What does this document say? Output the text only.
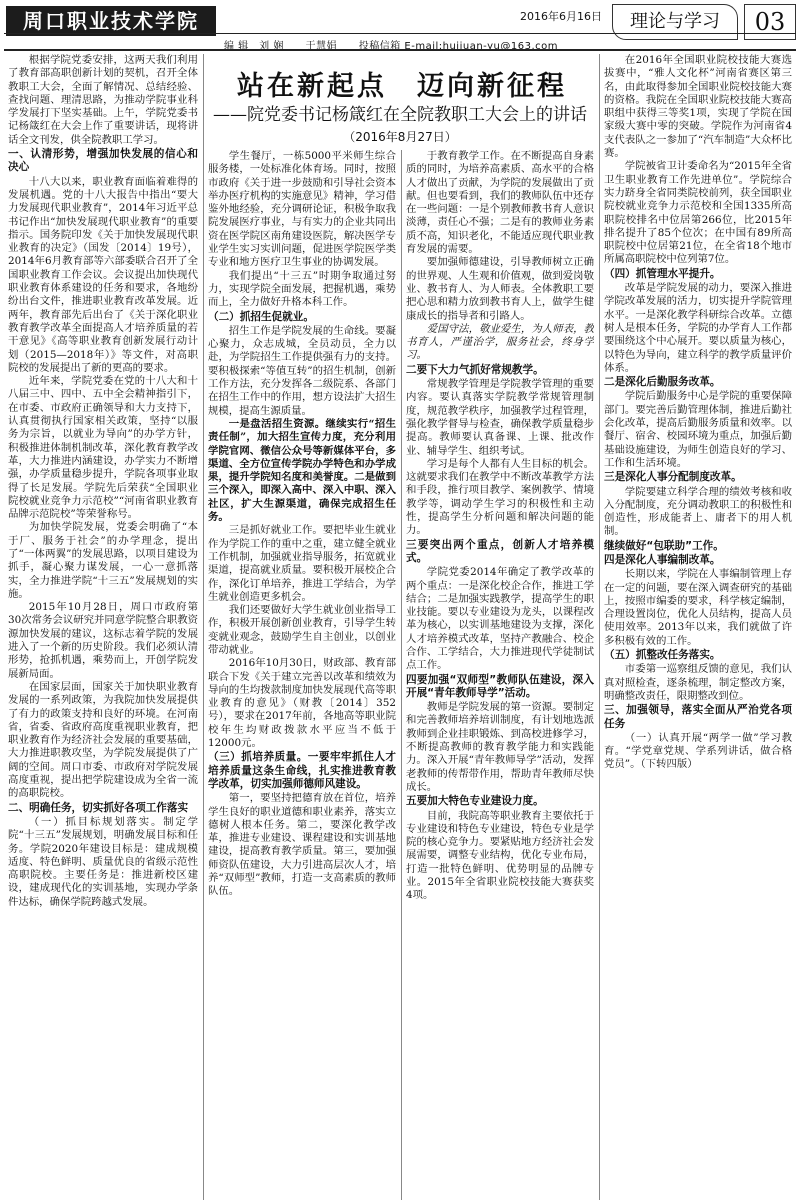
周口职业技术学院	2016年6月16日	理论与学习	03
编 辑　刘 娴 于慧娟 投稿信箱 E-mail:huijuan-yu@163.com
站在新起点　迈向新征程
——院党委书记杨箴红在全院教职工大会上的讲话
（2016年8月27日）

根据学院党委安排，这两天我们利用了教育部高职创新计划的契机，召开全体教职工大会，全面了解情况、总结经验、查找问题、理清思路，为推动学院事业科学发展打下坚实基础。上午，学院党委书记杨箴红在大会上作了重要讲话，现将讲话全文刊发，供全院教职工学习。

一、认清形势，增强加快发展的信心和决心

十八大以来，职业教育面临着难得的发展机遇。党的十八大报告中指出“要大力发展现代职业教育”，2014年习近平总书记作出“加快发展现代职业教育”的重要指示。国务院印发《关于加快发展现代职业教育的决定》（国发〔2014〕19号），2014年6月教育部等六部委联合召开了全国职业教育工作会议。会议提出加快现代职业教育体系建设的任务和要求，各地纷纷出台文件，推进职业教育改革发展。近两年，教育部先后出台了《关于深化职业教育教学改革全面提高人才培养质量的若干意见》《高等职业教育创新发展行动计划（2015—2018年）》等文件，对高职院校的发展提出了新的更高的要求。

近年来，学院党委在党的十八大和十八届三中、四中、五中全会精神指引下，在市委、市政府正确领导和大力支持下，认真贯彻执行国家相关政策，坚持“以服务为宗旨，以就业为导向”的办学方针，积极推进体制机制改革，深化教育教学改革，大力推进内涵建设，办学实力不断增强，办学质量稳步提升，学院各项事业取得了长足发展。学院先后荣获“全国职业院校就业竞争力示范校”“河南省职业教育品牌示范院校”等荣誉称号。

为加快学院发展，党委会明确了“本于厂、服务于社会”的办学理念，提出了“一体两翼”的发展思路，以项目建设为抓手，凝心聚力谋发展，一心一意抓落实，全力推进学院“十三五”发展规划的实施。

2015年10月28日，周口市政府第30次常务会议研究并同意学院整合职教资源加快发展的建议，这标志着学院的发展进入了一个新的历史阶段。我们必须认清形势，抢抓机遇，乘势而上，开创学院发展新局面。

在国家层面，国家关于加快职业教育发展的一系列政策，为我院加快发展提供了有力的政策支持和良好的环境。在河南省，省委、省政府高度重视职业教育，把职业教育作为经济社会发展的重要基础，大力推进职教攻坚，为学院发展提供了广阔的空间。周口市委、市政府对学院发展高度重视，提出把学院建设成为全省一流的高职院校。

二、明确任务，切实抓好各项工作落实

（一）抓目标规划落实。制定学院“十三五”发展规划，明确发展目标和任务。学院2020年建设目标是：建成规模适度、特色鲜明、质量优良的省级示范性高职院校。主要任务是：推进新校区建设，建成现代化的实训基地，实现办学条件达标，确保学院跨越式发展。

学生餐厅，一栋5000平米师生综合服务楼，一处标准化体育场。同时，按照市政府《关于进一步鼓励和引导社会资本举办医疗机构的实施意见》精神，学习借鉴外地经验，充分调研论证，积极争取我院发展医疗事业，与有实力的企业共同出资在医学院区南角建设医院，解决医学专业学生实习实训问题，促进医学院医学类专业和地方医疗卫生事业的协调发展。

我们提出“十三五”时期争取通过努力，实现学院全面发展，把握机遇，乘势而上，全力做好升格本科工作。

（二）抓招生促就业。

招生工作是学院发展的生命线。要凝心聚力，众志成城，全员动员，全力以赴，为学院招生工作提供强有力的支持。要积极探索“等值互转”的招生机制，创新工作方法，充分发挥各二级院系、各部门在招生工作中的作用，想方设法扩大招生规模，提高生源质量。

一是盘活招生资源。继续实行“招生责任制”，加大招生宣传力度，充分利用学院官网、微信公众号等新媒体平台，多渠道、全方位宣传学院办学特色和办学成果，提升学院知名度和美誉度。二是做到三个深入，即深入高中、深入中职、深入社区，扩大生源渠道，确保完成招生任务。

三是抓好就业工作。要把毕业生就业作为学院工作的重中之重，建立健全就业工作机制，加强就业指导服务，拓宽就业渠道，提高就业质量。要积极开展校企合作，深化订单培养，推进工学结合，为学生就业创造更多机会。

我们还要做好大学生就业创业指导工作，积极开展创新创业教育，引导学生转变就业观念，鼓励学生自主创业，以创业带动就业。

2016年10月30日，财政部、教育部联合下发《关于建立完善以改革和绩效为导向的生均拨款制度加快发展现代高等职业教育的意见》（财教〔2014〕352号），要求在2017年前，各地高等职业院校年生均财政拨款水平应当不低于12000元。

（三）抓培养质量。一要牢牢抓住人才培养质量这条生命线，扎实推进教育教学改革，切实加强师德师风建设。

第一，要坚持把德育放在首位，培养学生良好的职业道德和职业素养，落实立德树人根本任务。第二，要深化教学改革，推进专业建设、课程建设和实训基地建设，提高教育教学质量。第三，要加强师资队伍建设，大力引进高层次人才，培养“双师型”教师，打造一支高素质的教师队伍。

于教育教学工作。在不断提高自身素质的同时，为培养高素质、高水平的合格人才做出了贡献，为学院的发展做出了贡献。但也要看到，我们的教师队伍中还存在一些问题：一是个别教师教书育人意识淡薄，责任心不强；二是有的教师业务素质不高，知识老化，不能适应现代职业教育发展的需要。

要加强师德建设，引导教师树立正确的世界观、人生观和价值观，做到爱岗敬业、教书育人、为人师表。全体教职工要把心思和精力放到教书育人上，做学生健康成长的指导者和引路人。

爱国守法，敬业爱生，为人师表，教书育人，严谨治学，服务社会，终身学习。

二要下大力气抓好常规教学。

常规教学管理是学院教学管理的重要内容。要认真落实学院教学常规管理制度，规范教学秩序，加强教学过程管理，强化教学督导与检查，确保教学质量稳步提高。教师要认真备课、上课、批改作业、辅导学生、组织考试。

学习是每个人都有人生目标的机会。这就要求我们在教学中不断改革教学方法和手段，推行项目教学、案例教学、情境教学等，调动学生学习的积极性和主动性，提高学生分析问题和解决问题的能力。

三要突出两个重点，创新人才培养模式。

学院党委2014年确定了教学改革的两个重点：一是深化校企合作，推进工学结合；二是加强实践教学，提高学生的职业技能。要以专业建设为龙头，以课程改革为核心，以实训基地建设为支撑，深化人才培养模式改革，坚持产教融合、校企合作、工学结合，大力推进现代学徒制试点工作。

四要加强“双师型”教师队伍建设，深入开展“青年教师导学”活动。

教师是学院发展的第一资源。要制定和完善教师培养培训制度，有计划地选派教师到企业挂职锻炼、到高校进修学习，不断提高教师的教育教学能力和实践能力。深入开展“青年教师导学”活动，发挥老教师的传帮带作用，帮助青年教师尽快成长。

五要加大特色专业建设力度。

目前，我院高等职业教育主要依托于专业建设和特色专业建设，特色专业是学院的核心竞争力。要紧贴地方经济社会发展需要，调整专业结构，优化专业布局，打造一批特色鲜明、优势明显的品牌专业。2015年全省职业院校技能大赛获奖4项。

在2016年全国职业院校技能大赛选拔赛中，“雅人文化杯”河南省赛区第三名，由此取得参加全国职业院校技能大赛的资格。我院在全国职业院校技能大赛高职组中获得三等奖1项，实现了学院在国家级大赛中零的突破。学院作为河南省4支代表队之一参加了“汽车制造”大众杯比赛。

学院被省卫计委命名为“2015年全省卫生职业教育工作先进单位”。学院综合实力跻身全省同类院校前列，获全国职业院校就业竞争力示范校和全国1335所高职院校排名中位居第266位，比2015年排名提升了85个位次；在中国有89所高职院校中位居第21位，在全省18个地市所属高职院校中位列第7位。

（四）抓管理水平提升。

改革是学院发展的动力，要深入推进学院改革发展的活力，切实提升学院管理水平。一是深化教学科研综合改革。立德树人是根本任务，学院的办学育人工作都要围绕这个中心展开。要以质量为核心，以特色为导向，建立科学的教学质量评价体系。

二是深化后勤服务改革。

学院后勤服务中心是学院的重要保障部门。要完善后勤管理体制，推进后勤社会化改革，提高后勤服务质量和效率。以餐厅、宿舍、校园环境为重点，加强后勤基础设施建设，为师生创造良好的学习、工作和生活环境。

三是深化人事分配制度改革。

学院要建立科学合理的绩效考核和收入分配制度，充分调动教职工的积极性和创造性，形成能者上、庸者下的用人机制。

继续做好“包联助”工作。
四是深化人事编制改革。

长期以来，学院在人事编制管理上存在一定的问题，要在深入调查研究的基础上，按照市编委的要求，科学核定编制，合理设置岗位，优化人员结构，提高人员使用效率。2013年以来，我们就做了许多积极有效的工作。

（五）抓整改任务落实。

市委第一巡察组反馈的意见，我们认真对照检查，逐条梳理，制定整改方案，明确整改责任，限期整改到位。

三、加强领导，落实全面从严治党各项任务

（一）认真开展“两学一做”学习教育。“学党章党规、学系列讲话，做合格党员”。（下转四版）
